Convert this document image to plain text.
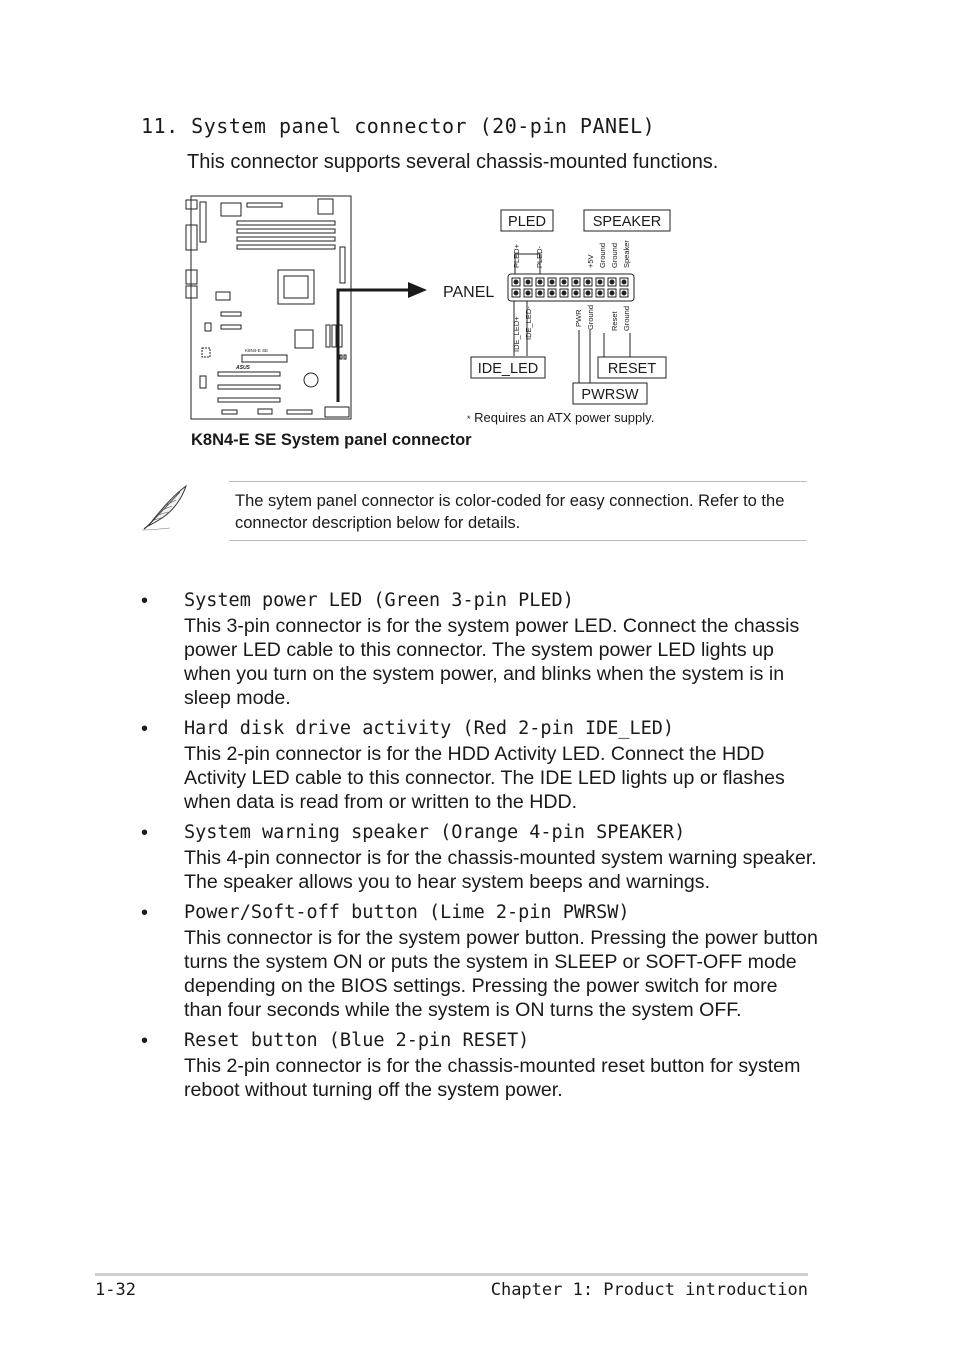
11. System panel connector (20-pin PANEL)

This connector supports several chassis-mounted functions.

K8N4-E SE
ASUS
PANEL
PLED	SPEAKER
IDE_LED	RESET
PWRSW
PLED+ PLED-	+5V Ground Ground Speaker
IDE_LED+ IDE_LED-	PWR Ground Reset Ground
* Requires an ATX power supply.
K8N4-E SE System panel connector

The sytem panel connector is color-coded for easy connection. Refer to the connector description below for details.

• System power LED (Green 3-pin PLED)

This 3-pin connector is for the system power LED. Connect the chassis power LED cable to this connector. The system power LED lights up when you turn on the system power, and blinks when the system is in sleep mode.

• Hard disk drive activity (Red 2-pin IDE_LED)

This 2-pin connector is for the HDD Activity LED. Connect the HDD Activity LED cable to this connector. The IDE LED lights up or flashes when data is read from or written to the HDD.

• System warning speaker (Orange 4-pin SPEAKER)

This 4-pin connector is for the chassis-mounted system warning speaker. The speaker allows you to hear system beeps and warnings.

• Power/Soft-off button (Lime 2-pin PWRSW)

This connector is for the system power button. Pressing the power button turns the system ON or puts the system in SLEEP or SOFT-OFF mode depending on the BIOS settings. Pressing the power switch for more than four seconds while the system is ON turns the system OFF.

• Reset button (Blue 2-pin RESET)

This 2-pin connector is for the chassis-mounted reset button for system reboot without turning off the system power.

1-32	Chapter 1: Product introduction
